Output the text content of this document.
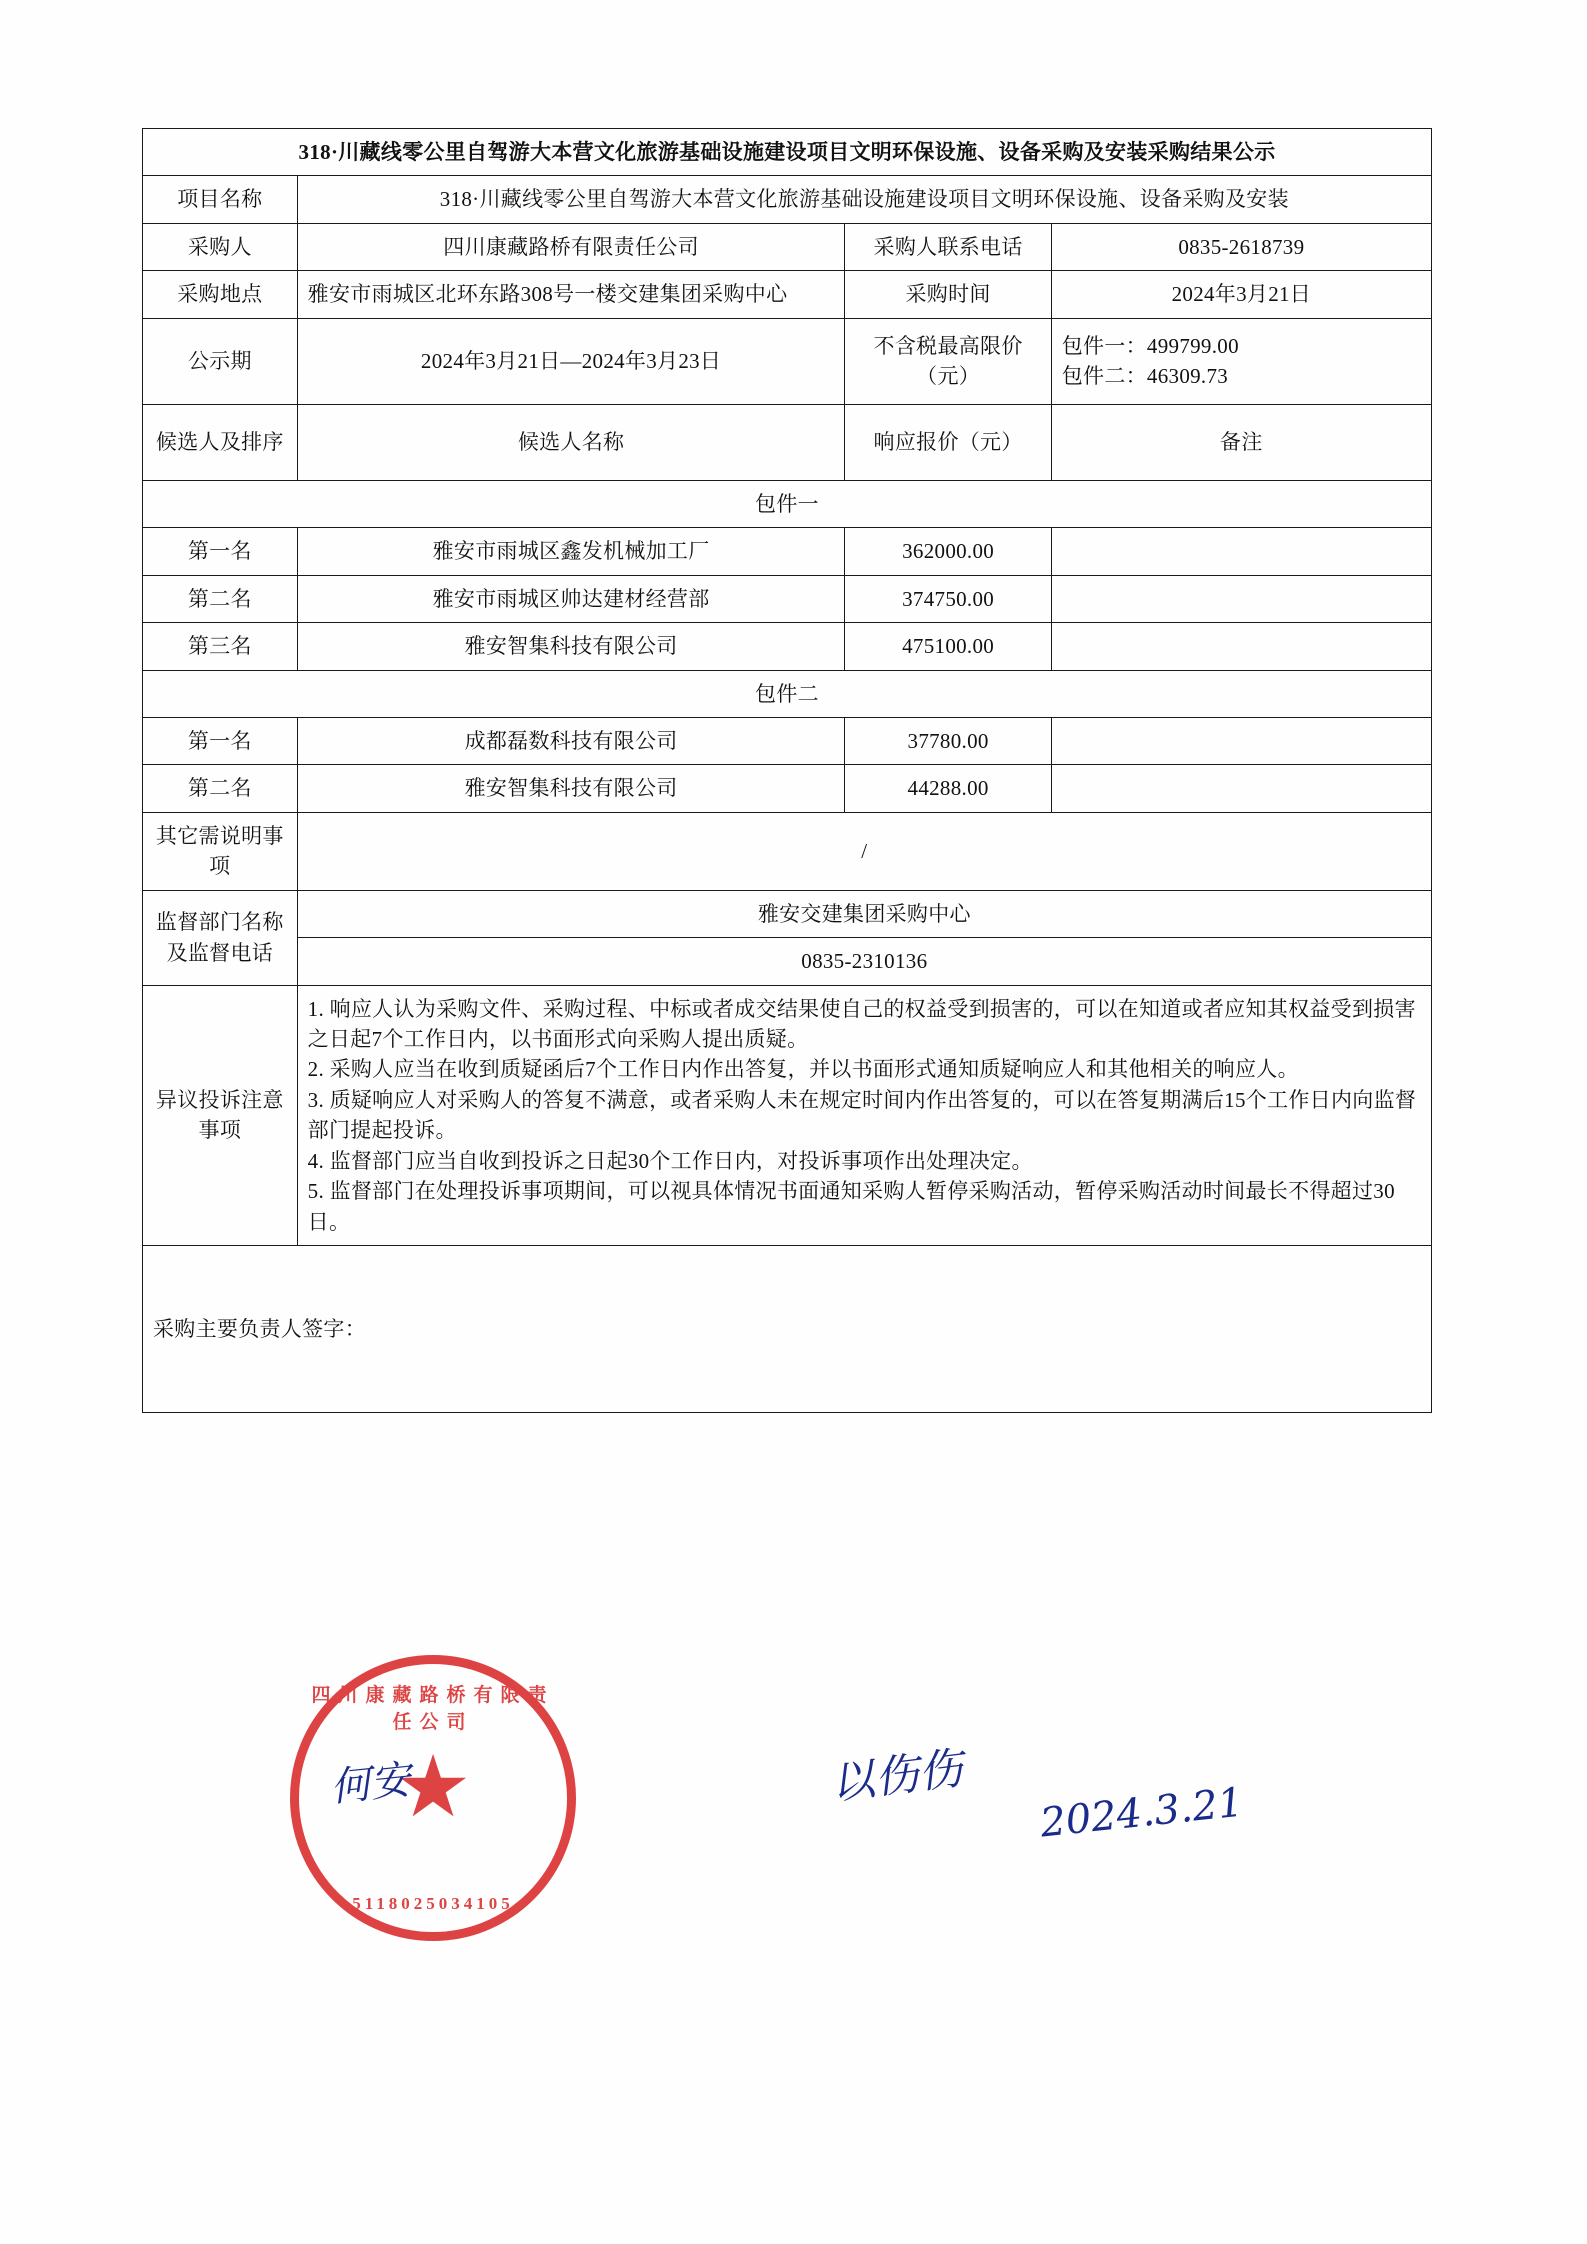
318·川藏线零公里自驾游大本营文化旅游基础设施建设项目文明环保设施、设备采购及安装采购结果公示			
项目名称	318·川藏线零公里自驾游大本营文化旅游基础设施建设项目文明环保设施、设备采购及安装		
采购人	四川康藏路桥有限责任公司	采购人联系电话	0835-2618739
采购地点	雅安市雨城区北环东路308号一楼交建集团采购中心	采购时间	2024年3月21日
公示期	2024年3月21日—2024年3月23日	不含税最高限价（元）	包件一：499799.00
包件二：46309.73

候选人及排序	候选人名称	响应报价（元）	备注
包件一			
第一名	雅安市雨城区鑫发机械加工厂	362000.00	
第二名	雅安市雨城区帅达建材经营部	374750.00	
第三名	雅安智集科技有限公司	475100.00	
包件二			
第一名	成都磊数科技有限公司	37780.00	
第二名	雅安智集科技有限公司	44288.00	
其它需说明事项	/		
监督部门名称及监督电话	雅安交建集团采购中心		
	0835-2310136		
异议投诉注意事项	1. 响应人认为采购文件、采购过程、中标或者成交结果使自己的权益受到损害的，可以在知道或者应知其权益受到损害之日起7个工作日内，以书面形式向采购人提出质疑。

2. 采购人应当在收到质疑函后7个工作日内作出答复，并以书面形式通知质疑响应人和其他相关的响应人。

3. 质疑响应人对采购人的答复不满意，或者采购人未在规定时间内作出答复的，可以在答复期满后15个工作日内向监督部门提起投诉。

4. 监督部门应当自收到投诉之日起30个工作日内，对投诉事项作出处理决定。

5. 监督部门在处理投诉事项期间，可以视具体情况书面通知采购人暂停采购活动，暂停采购活动时间最长不得超过30日。		

采购主要负责人签字：			
四川康藏路桥有限责任公司
★
5118025034105
何安	以伤伤
2024.3.21
